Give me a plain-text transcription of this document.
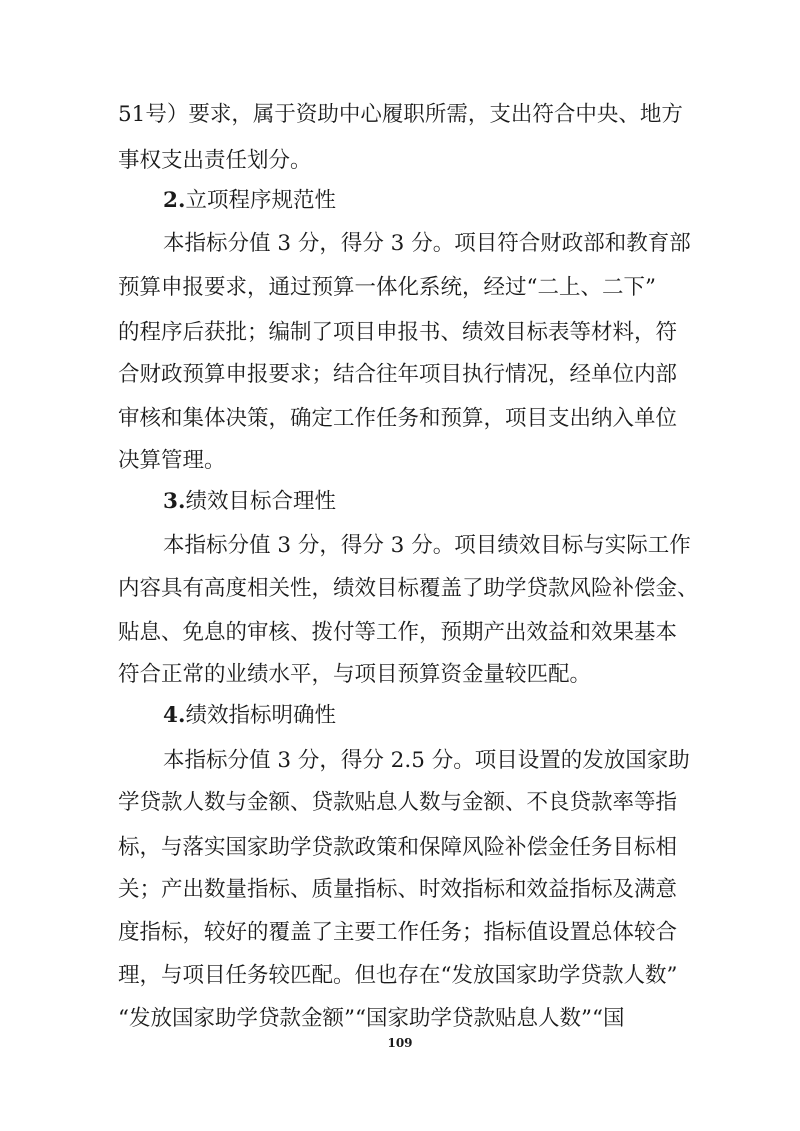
51号）要求，属于资助中心履职所需，支出符合中央、地方
事权支出责任划分。
2.立项程序规范性
本指标分值 3 分，得分 3 分。项目符合财政部和教育部
预算申报要求，通过预算一体化系统，经过“二上、二下”
的程序后获批；编制了项目申报书、绩效目标表等材料，符
合财政预算申报要求；结合往年项目执行情况，经单位内部
审核和集体决策，确定工作任务和预算，项目支出纳入单位
决算管理。
3.绩效目标合理性
本指标分值 3 分，得分 3 分。项目绩效目标与实际工作
内容具有高度相关性，绩效目标覆盖了助学贷款风险补偿金、
贴息、免息的审核、拨付等工作，预期产出效益和效果基本
符合正常的业绩水平，与项目预算资金量较匹配。
4.绩效指标明确性
本指标分值 3 分，得分 2.5 分。项目设置的发放国家助
学贷款人数与金额、贷款贴息人数与金额、不良贷款率等指
标，与落实国家助学贷款政策和保障风险补偿金任务目标相
关；产出数量指标、质量指标、时效指标和效益指标及满意
度指标，较好的覆盖了主要工作任务；指标值设置总体较合
理，与项目任务较匹配。但也存在“发放国家助学贷款人数”
“发放国家助学贷款金额”“国家助学贷款贴息人数”“国
109
